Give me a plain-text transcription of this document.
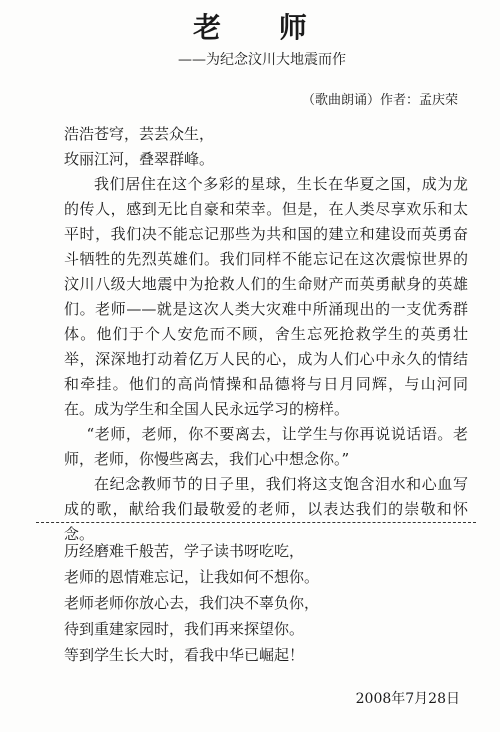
老 师
——为纪念汶川大地震而作
（歌曲朗诵）作者：孟庆荣

浩浩苍穹，芸芸众生，

玫丽江河，叠翠群峰。

我们居住在这个多彩的星球，生长在华夏之国，成为龙的传人，感到无比自豪和荣幸。但是，在人类尽享欢乐和太平时，我们决不能忘记那些为共和国的建立和建设而英勇奋斗牺牲的先烈英雄们。我们同样不能忘记在这次震惊世界的汶川八级大地震中为抢救人们的生命财产而英勇献身的英雄们。老师——就是这次人类大灾难中所涌现出的一支优秀群体。他们于个人安危而不顾，舍生忘死抢救学生的英勇壮举，深深地打动着亿万人民的心，成为人们心中永久的情结和牵挂。他们的高尚情操和品德将与日月同辉，与山河同在。成为学生和全国人民永远学习的榜样。

“老师，老师，你不要离去，让学生与你再说说话语。老师，老师，你慢些离去，我们心中想念你。”

在纪念教师节的日子里，我们将这支饱含泪水和心血写成的歌，献给我们最敬爱的老师，以表达我们的崇敬和怀念。

历经磨难千般苦，学子读书呀吃吃，

老师的恩情难忘记，让我如何不想你。

老师老师你放心去，我们决不辜负你，

待到重建家园时，我们再来探望你。

等到学生长大时，看我中华已崛起！

2008年7月28日
